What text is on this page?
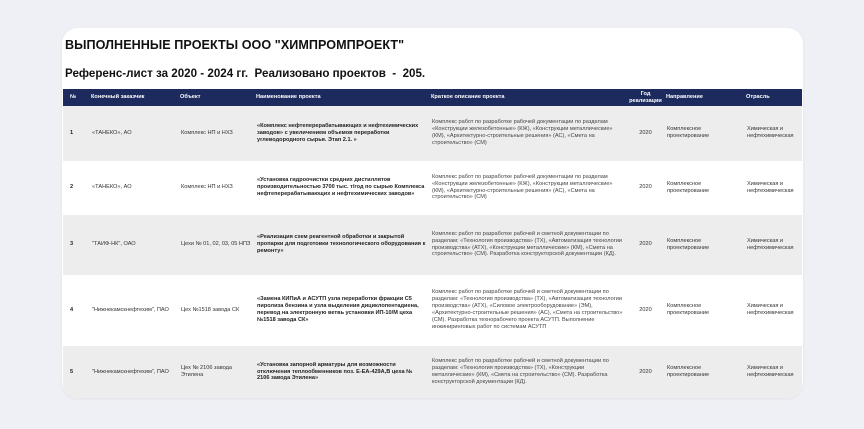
ВЫПОЛНЕННЫЕ ПРОЕКТЫ ООО "ХИМПРОМПРОЕКТ"
Референс-лист за 2020 - 2024 гг.  Реализовано проектов  -  205.
№	Конечный заказчик	Объект	Наименование проекта	Краткое описание проекта	Год реализации	Направление	Отрасль
1	«ТАНЕКО», АО	Комплекс НП и НХЗ	«Комплекс нефтеперерабатывающих и нефтехимических заводов» с увеличением объемов переработки углеводородного сырья. Этап 2.1. »	Комплекс работ по разработке рабочей документации по разделам «Конструкции железобетонные» (КЖ), «Конструкции металлические» (КМ), «Архитектурно-строительные решения» (АС), «Смета на строительство» (СМ)	2020	Комплексное проектирование	Химическая и нефтехимическая
2	«ТАНЕКО», АО	Комплекс НП и НХЗ	«Установка гидроочистки средних дистиллятов производительностью 3700 тыс. т/год по сырью Комплекса нефтеперерабатывающих и нефтехимических заводов»	Комплекс работ по разработке рабочей документации по разделам «Конструкции железобетонные» (КЖ), «Конструкции металлические» (КМ), «Архитектурно-строительные решения» (АС), «Смета на строительство» (СМ)	2020	Комплексное проектирование	Химическая и нефтехимическая
3	"ТАИФ-НК", ОАО	Цехи № 01, 02, 03, 05 НПЗ	«Реализация схем реагентной обработки и закрытой пропарки для подготовки технологического оборудования к ремонту»	Комплекс работ по разработке рабочей и сметной документации по разделам: «Технология производства» (ТХ), «Автоматизация технологии производства» (АТХ), «Конструкции металлические» (КМ), «Смета на строительство» (СМ). Разработка конструкторской документации (КД).	2020	Комплексное проектирование	Химическая и нефтехимическая
4	"Нижнекамскнефтехим", ПАО	Цех №1518 завода СК	«Замена КИПиА и АСУТП узла переработки фракции С5 пиролиза бензина и узла выделения дициклопентадиена, перевод на электронную ветвь установки ИП-10/М цеха №1518 завода СК»	Комплекс работ по разработке рабочей и сметной документации по разделам: «Технология производства» (ТХ), «Автоматизация технологии производства» (АТХ), «Силовое электрооборудование» (ЭМ), «Архитектурно-строительные решения» (АС), «Смета на строительство» (СМ). Разработка технорабочего проекта АСУТП. Выполнение инжиниринговых работ по системам АСУТП	2020	Комплексное проектирование	Химическая и нефтехимическая
5	"Нижнекамскнефтехим", ПАО	Цех № 2106 завода Этилена	«Установка запорной арматуры для возможности отключения теплообменников поз. Е-ЕА-429А,В цеха № 2106 завода Этилена»	Комплекс работ по разработке рабочей и сметной документации по разделам: «Технология производства» (ТХ), «Конструкции металлические» (КМ), «Смета на строительство» (СМ). Разработка конструкторской документации (КД).	2020	Комплексное проектирование	Химическая и нефтехимическая
